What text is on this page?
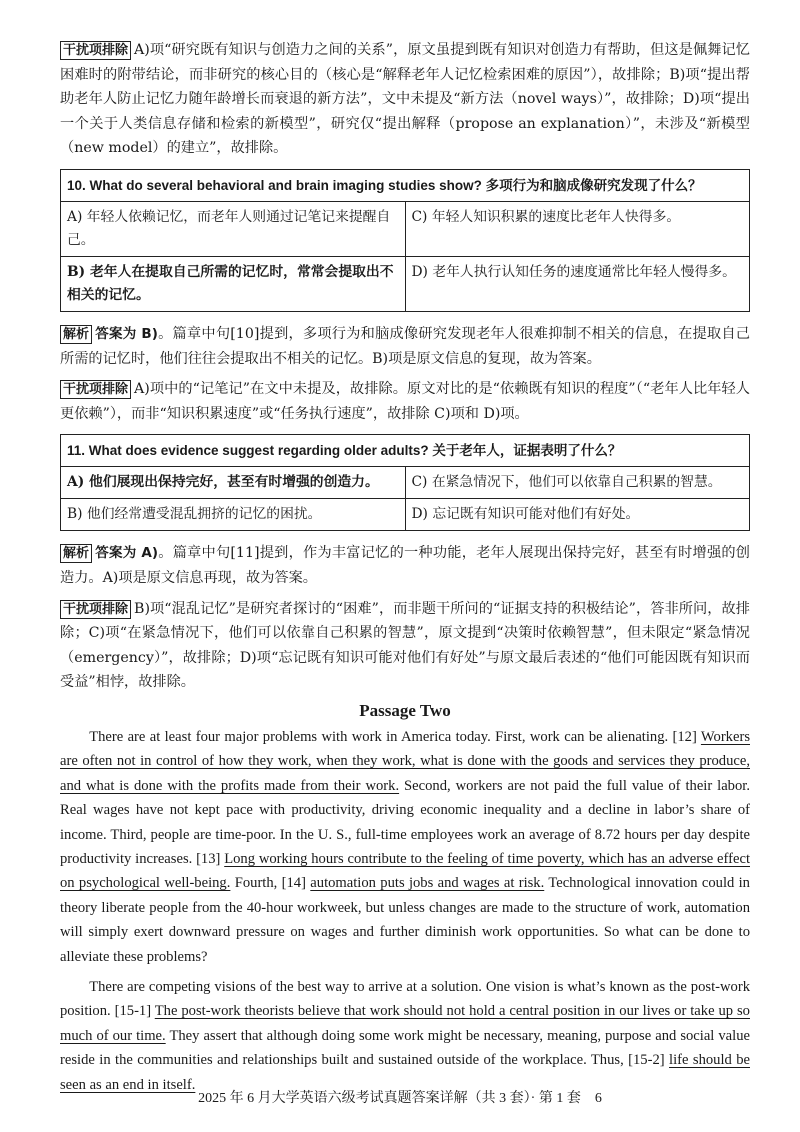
干扰项排除 A)项“研究既有知识与创造力之间的关系”，原文虽提到既有知识对创造力有帮助，但这是佩舞记忆困难时的附带结论，而非研究的核心目的（核心是“解释老年人记忆检索困难的原因”），故排除；B)项“提出帮助老年人防止记忆力随年龄增长而衰退的新方法”，文中未提及“新方法（novel ways）”，故排除；D)项“提出一个关于人类信息存储和检索的新模型”，研究仅“提出解释（propose an explanation）”，未涉及“新模型（new model）的建立”，故排除。

10. What do several behavioral and brain imaging studies show? 多项行为和脑成像研究发现了什么？	
A) 年轻人依赖记忆，而老年人则通过记笔记来提醒自己。	C) 年轻人知识积累的速度比老年人快得多。
B) 老年人在提取自己所需的记忆时，常常会提取出不相关的记忆。	D) 老年人执行认知任务的速度通常比年轻人慢得多。

解析 答案为 B)。篇章中句[10]提到，多项行为和脑成像研究发现老年人很难抑制不相关的信息，在提取自己所需的记忆时，他们往往会提取出不相关的记忆。B)项是原文信息的复现，故为答案。

干扰项排除 A)项中的“记笔记”在文中未提及，故排除。原文对比的是“依赖既有知识的程度”（“老年人比年轻人更依赖”），而非“知识积累速度”或“任务执行速度”，故排除 C)项和 D)项。

11. What does evidence suggest regarding older adults? 关于老年人，证据表明了什么？	
A) 他们展现出保持完好，甚至有时增强的创造力。	C) 在紧急情况下，他们可以依靠自己积累的智慧。
B) 他们经常遭受混乱拥挤的记忆的困扰。	D) 忘记既有知识可能对他们有好处。

解析 答案为 A)。篇章中句[11]提到，作为丰富记忆的一种功能，老年人展现出保持完好，甚至有时增强的创造力。A)项是原文信息再现，故为答案。

干扰项排除 B)项“混乱记忆”是研究者探讨的“困难”，而非题干所问的“证据支持的积极结论”，答非所问，故排除；C)项“在紧急情况下，他们可以依靠自己积累的智慧”，原文提到“决策时依赖智慧”，但未限定“紧急情况（emergency）”，故排除；D)项“忘记既有知识可能对他们有好处”与原文最后表述的“他们可能因既有知识而受益”相悖，故排除。

Passage Two

There are at least four major problems with work in America today. First, work can be alienating. [12] Workers are often not in control of how they work, when they work, what is done with the goods and services they produce, and what is done with the profits made from their work. Second, workers are not paid the full value of their labor. Real wages have not kept pace with productivity, driving economic inequality and a decline in labor’s share of income. Third, people are time-poor. In the U. S., full-time employees work an average of 8.72 hours per day despite productivity increases. [13] Long working hours contribute to the feeling of time poverty, which has an adverse effect on psychological well-being. Fourth, [14] automation puts jobs and wages at risk. Technological innovation could in theory liberate people from the 40-hour workweek, but unless changes are made to the structure of work, automation will simply exert downward pressure on wages and further diminish work opportunities. So what can be done to alleviate these problems?

There are competing visions of the best way to arrive at a solution. One vision is what’s known as the post-work position. [15-1] The post-work theorists believe that work should not hold a central position in our lives or take up so much of our time. They assert that although doing some work might be necessary, meaning, purpose and social value reside in the communities and relationships built and sustained outside of the workplace. Thus, [15-2] life should be seen as an end in itself.

2025 年 6 月大学英语六级考试真题答案详解（共 3 套）· 第 1 套　6
